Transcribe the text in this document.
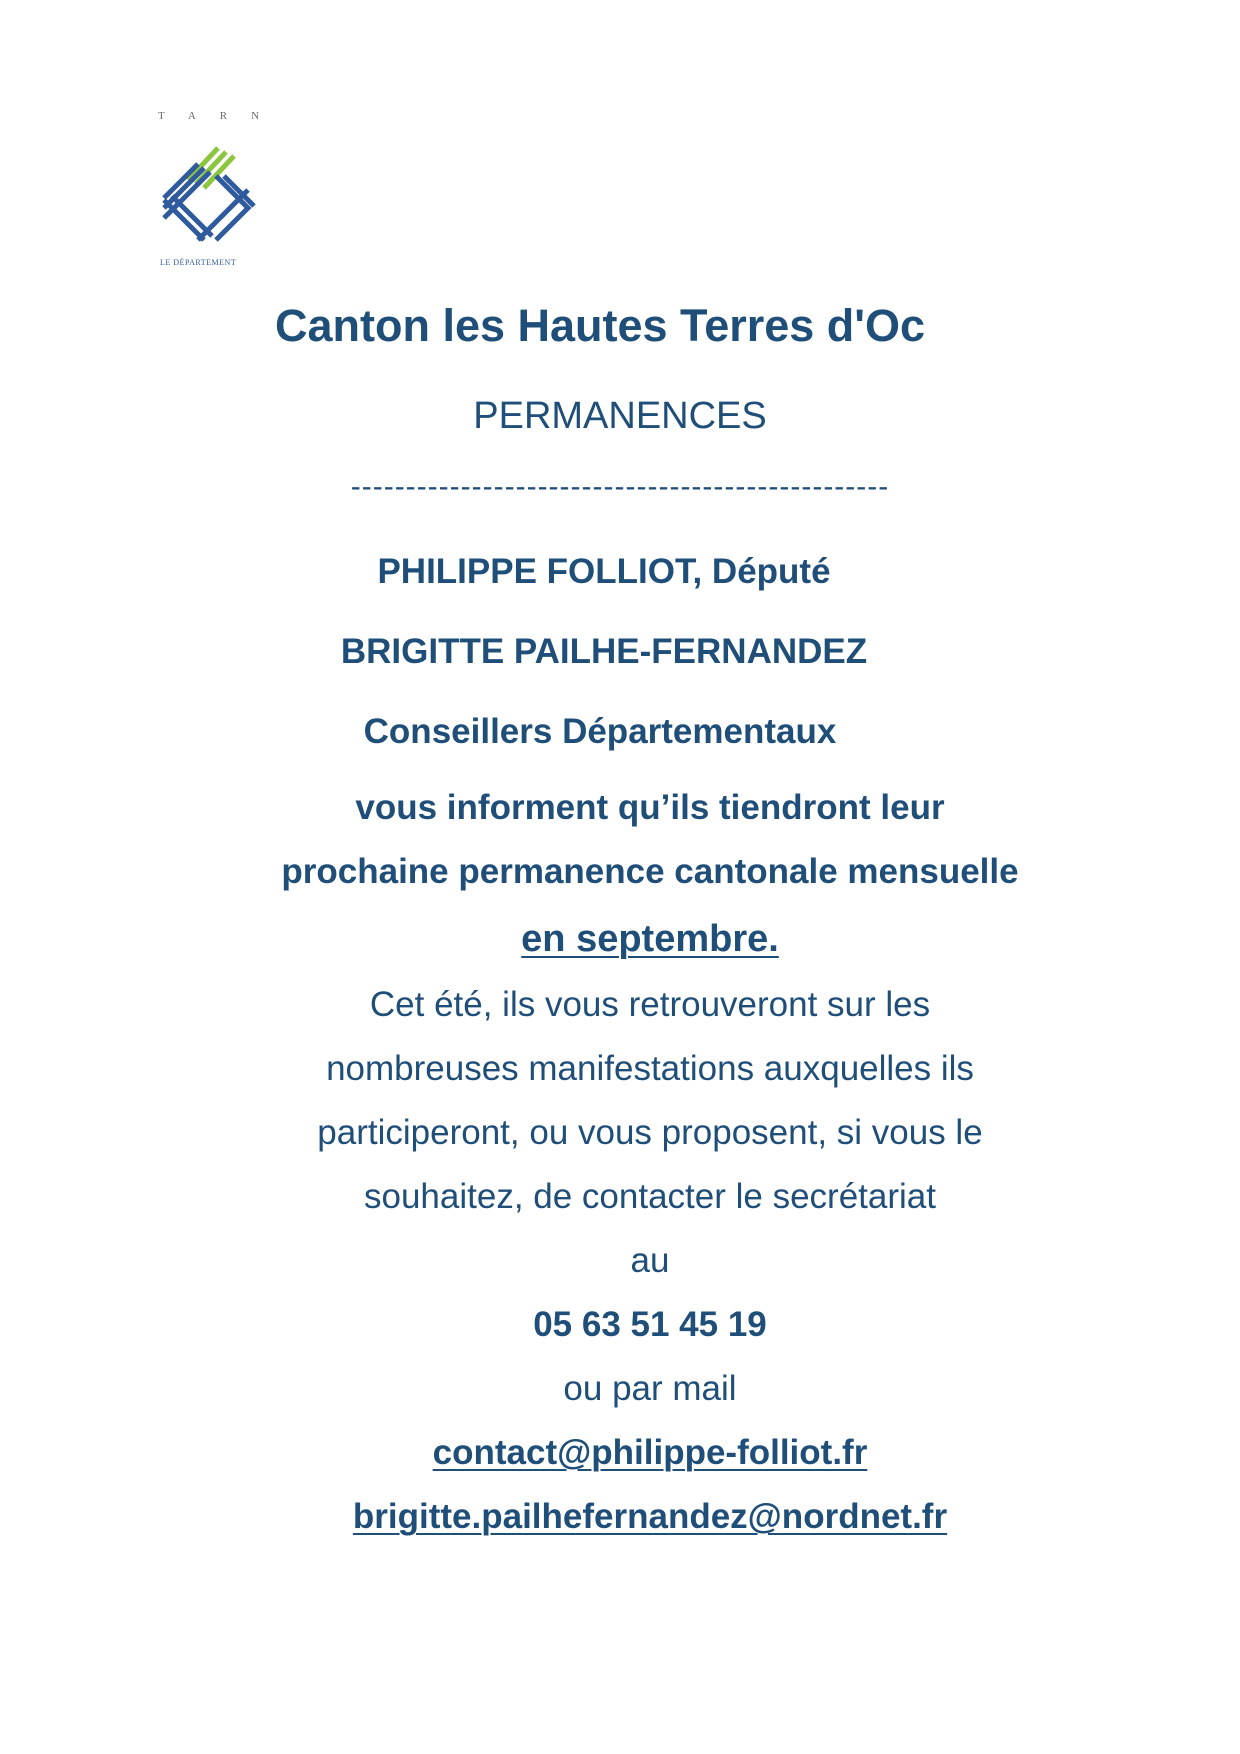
TARN
LE DÉPARTEMENT
Canton les Hautes Terres d'Oc
PERMANENCES
-------------------------------------------------
PHILIPPE FOLLIOT, Député
BRIGITTE PAILHE-FERNANDEZ
Conseillers Départementaux
vous informent qu’ils tiendront leur
prochaine permanence cantonale mensuelle
en septembre.
Cet été, ils vous retrouveront sur les
nombreuses manifestations auxquelles ils
participeront, ou vous proposent, si vous le
souhaitez, de contacter le secrétariat
au
05 63 51 45 19
ou par mail
contact@philippe-folliot.fr
brigitte.pailhefernandez@nordnet.fr
